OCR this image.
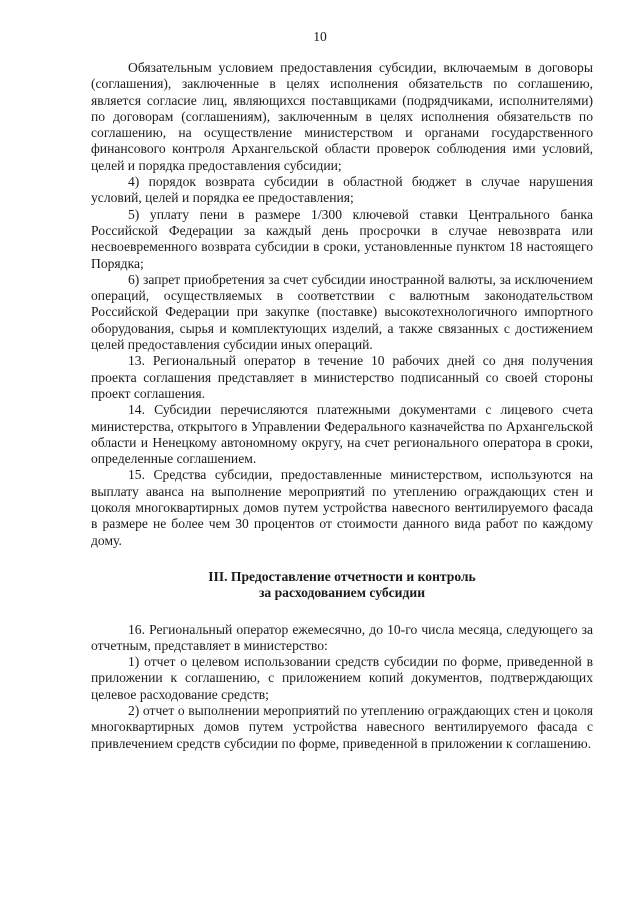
10

Обязательным условием предоставления субсидии, включаемым в договоры (соглашения), заключенные в целях исполнения обязательств по соглашению, является согласие лиц, являющихся поставщиками (подрядчиками, исполнителями) по договорам (соглашениям), заключенным в целях исполнения обязательств по соглашению, на осуществление министерством и органами государственного финансового контроля Архангельской области проверок соблюдения ими условий, целей и порядка предоставления субсидии;

4) порядок возврата субсидии в областной бюджет в случае нарушения условий, целей и порядка ее предоставления;

5) уплату пени в размере 1/300 ключевой ставки Центрального банка Российской Федерации за каждый день просрочки в случае невозврата или несвоевременного возврата субсидии в сроки, установленные пунктом 18 настоящего Порядка;

6) запрет приобретения за счет субсидии иностранной валюты, за исключением операций, осуществляемых в соответствии с валютным законодательством Российской Федерации при закупке (поставке) высокотехнологичного импортного оборудования, сырья и комплектующих изделий, а также связанных с достижением целей предоставления субсидии иных операций.

13. Региональный оператор в течение 10 рабочих дней со дня получения проекта соглашения представляет в министерство подписанный со своей стороны проект соглашения.

14. Субсидии перечисляются платежными документами с лицевого счета министерства, открытого в Управлении Федерального казначейства по Архангельской области и Ненецкому автономному округу, на счет регионального оператора в сроки, определенные соглашением.

15. Средства субсидии, предоставленные министерством, используются на выплату аванса на выполнение мероприятий по утеплению ограждающих стен и цоколя многоквартирных домов путем устройства навесного вентилируемого фасада в размере не более чем 30 процентов от стоимости данного вида работ по каждому дому.

III. Предоставление отчетности и контроль

за расходованием субсидии

16. Региональный оператор ежемесячно, до 10-го числа месяца, следующего за отчетным, представляет в министерство:

1) отчет о целевом использовании средств субсидии по форме, приведенной в приложении к соглашению, с приложением копий документов, подтверждающих целевое расходование средств;

2) отчет о выполнении мероприятий по утеплению ограждающих стен и цоколя многоквартирных домов путем устройства навесного вентилируемого фасада с привлечением средств субсидии по форме, приведенной в приложении к соглашению.
